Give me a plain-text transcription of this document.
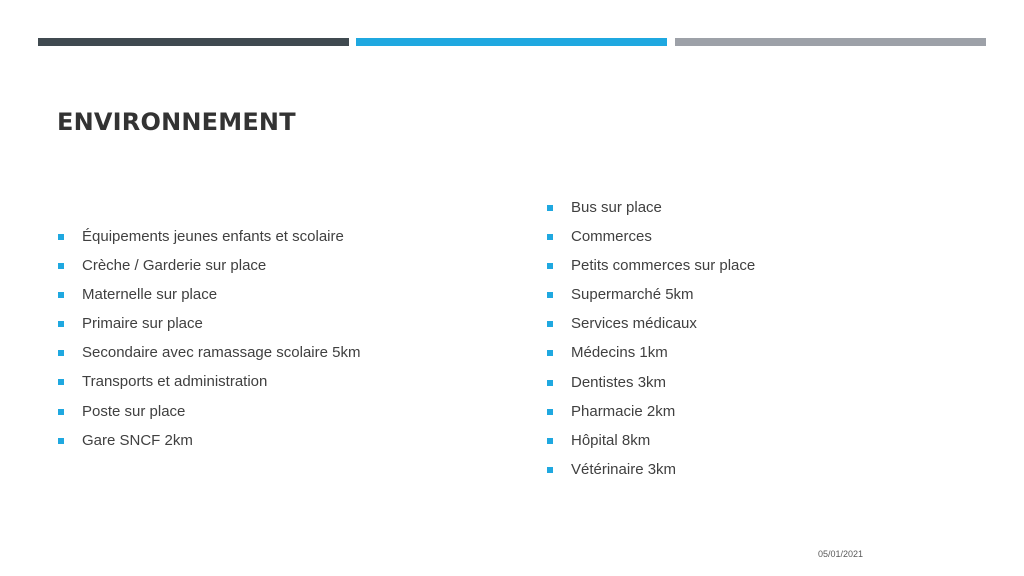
ENVIRONNEMENT
Équipements jeunes enfants et scolaire
Crèche / Garderie sur place
Maternelle sur place
Primaire sur place
Secondaire avec ramassage scolaire 5km
Transports et administration
Poste sur place
Gare SNCF 2km
Bus sur place
Commerces
Petits commerces sur place
Supermarché 5km
Services médicaux
Médecins 1km
Dentistes 3km
Pharmacie 2km
Hôpital 8km
Vétérinaire 3km
05/01/2021
